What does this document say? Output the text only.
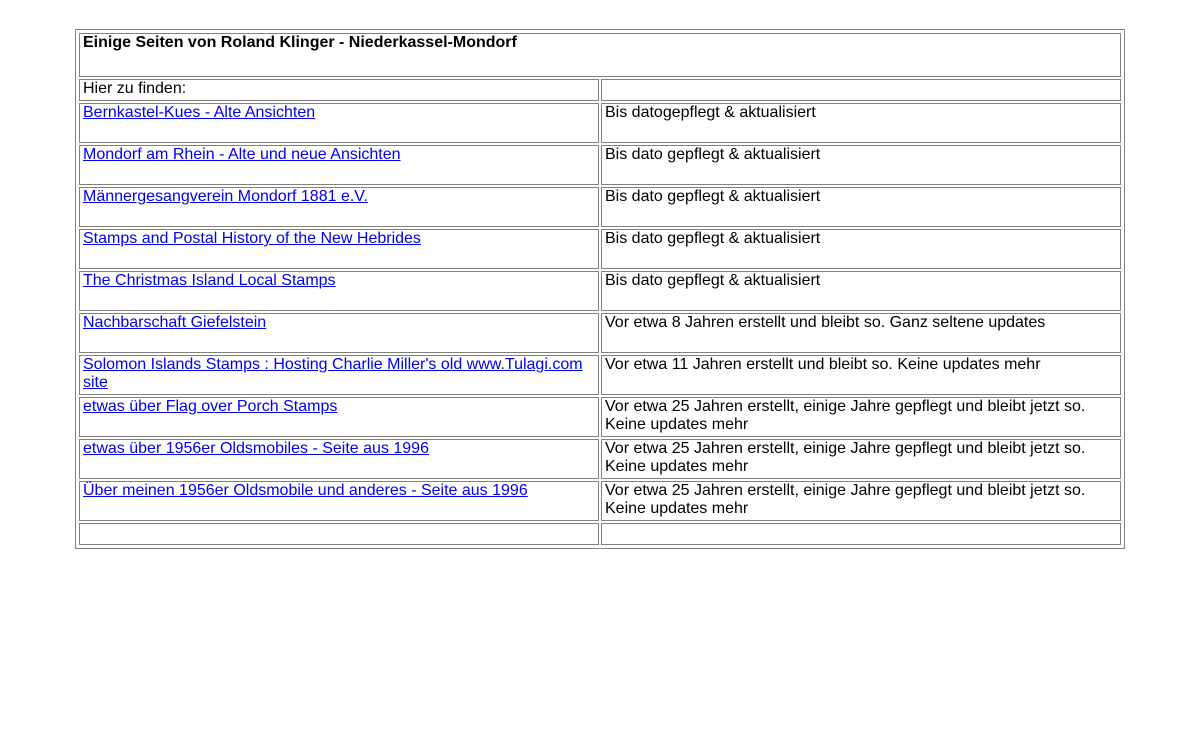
Einige Seiten von Roland Klinger - Niederkassel-Mondorf	
Hier zu finden:	
Bernkastel-Kues - Alte Ansichten	Bis datogepflegt & aktualisiert
Mondorf am Rhein - Alte und neue Ansichten	Bis dato gepflegt & aktualisiert
Männergesangverein Mondorf 1881 e.V.	Bis dato gepflegt & aktualisiert
Stamps and Postal History of the New Hebrides	Bis dato gepflegt & aktualisiert
The Christmas Island Local Stamps	Bis dato gepflegt & aktualisiert
Nachbarschaft Giefelstein	Vor etwa 8 Jahren erstellt und bleibt so. Ganz seltene updates
Solomon Islands Stamps : Hosting Charlie Miller's old www.Tulagi.com site	Vor etwa 11 Jahren erstellt und bleibt so. Keine updates mehr
etwas über Flag over Porch Stamps	Vor etwa 25 Jahren erstellt, einige Jahre gepflegt und bleibt jetzt so. Keine updates mehr
etwas über 1956er Oldsmobiles - Seite aus 1996	Vor etwa 25 Jahren erstellt, einige Jahre gepflegt und bleibt jetzt so. Keine updates mehr
Über meinen 1956er Oldsmobile und anderes - Seite aus 1996	Vor etwa 25 Jahren erstellt, einige Jahre gepflegt und bleibt jetzt so. Keine updates mehr
